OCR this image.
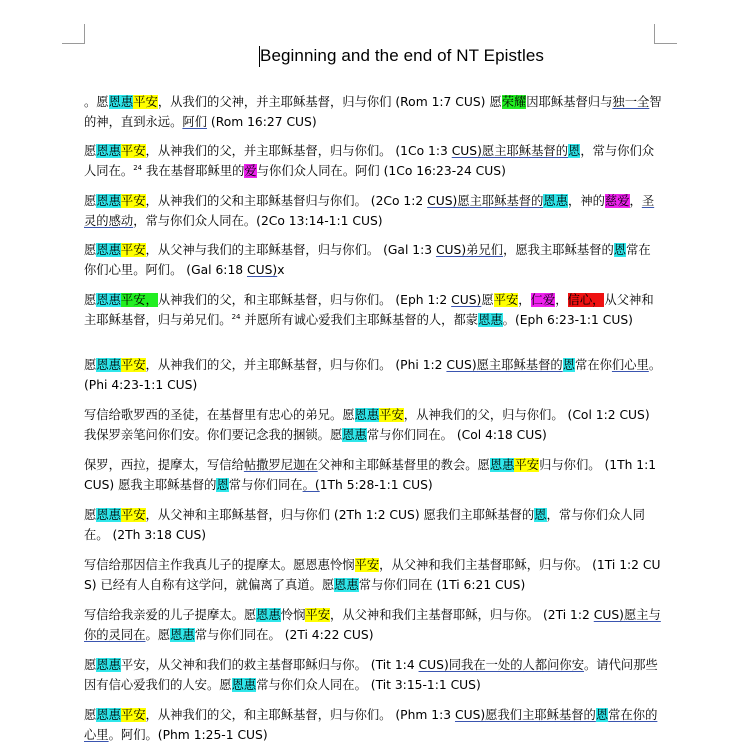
Beginning and the end of NT Epistles
。愿恩惠平安，从我们的父神，并主耶稣基督，归与你们 (Rom 1:7 CUS) 愿荣耀因耶稣基督归与独一全智的神，直到永远。阿们 (Rom 16:27 CUS)
愿恩惠平安，从神我们的父，并主耶稣基督，归与你们。 (1Co 1:3 CUS)愿主耶稣基督的恩，常与你们众人同在。$^{24}$ 我在基督耶稣里的爱与你们众人同在。阿们 (1Co 16:23-24 CUS)
愿恩惠平安，从神我们的父和主耶稣基督归与你们。 (2Co 1:2 CUS)愿主耶稣基督的恩惠，神的慈爱，圣灵的感动，常与你们众人同在。(2Co 13:14-1:1 CUS)
愿恩惠平安，从父神与我们的主耶稣基督，归与你们。 (Gal 1:3 CUS)弟兄们，愿我主耶稣基督的恩常在你们心里。阿们。 (Gal 6:18 CUS)x
愿恩惠平安，从神我们的父，和主耶稣基督，归与你们。 (Eph 1:2 CUS)愿平安，仁爱，信心，从父神和主耶稣基督，归与弟兄们。$^{24}$ 并愿所有诚心爱我们主耶稣基督的人，都蒙恩惠。(Eph 6:23-1:1 CUS)
愿恩惠平安，从神我们的父，并主耶稣基督，归与你们。 (Phi 1:2 CUS)愿主耶稣基督的恩常在你们心里。(Phi 4:23-1:1 CUS)
写信给歌罗西的圣徒，在基督里有忠心的弟兄。愿恩惠平安，从神我们的父，归与你们。 (Col 1:2 CUS) 我保罗亲笔问你们安。你们要记念我的捆锁。愿恩惠常与你们同在。 (Col 4:18 CUS)
保罗，西拉，提摩太，写信给帖撒罗尼迦在父神和主耶稣基督里的教会。愿恩惠平安归与你们。 (1Th 1:1 CUS) 愿我主耶稣基督的恩常与你们同在。(1Th 5:28-1:1 CUS)
愿恩惠平安，从父神和主耶稣基督，归与你们 (2Th 1:2 CUS) 愿我们主耶稣基督的恩，常与你们众人同在。 (2Th 3:18 CUS)
写信给那因信主作我真儿子的提摩太。愿恩惠怜悯平安，从父神和我们主基督耶稣，归与你。 (1Ti 1:2 CUS) 已经有人自称有这学问，就偏离了真道。愿恩惠常与你们同在 (1Ti 6:21 CUS)
写信给我亲爱的儿子提摩太。愿恩惠怜悯平安，从父神和我们主基督耶稣，归与你。 (2Ti 1:2 CUS)愿主与你的灵同在。愿恩惠常与你们同在。 (2Ti 4:22 CUS)
愿恩惠平安，从父神和我们的救主基督耶稣归与你。 (Tit 1:4 CUS)同我在一处的人都问你安。请代问那些因有信心爱我们的人安。愿恩惠常与你们众人同在。 (Tit 3:15-1:1 CUS)
愿恩惠平安，从神我们的父，和主耶稣基督，归与你们。 (Phm 1:3 CUS)愿我们主耶稣基督的恩常在你的心里。阿们。(Phm 1:25-1 CUS)
